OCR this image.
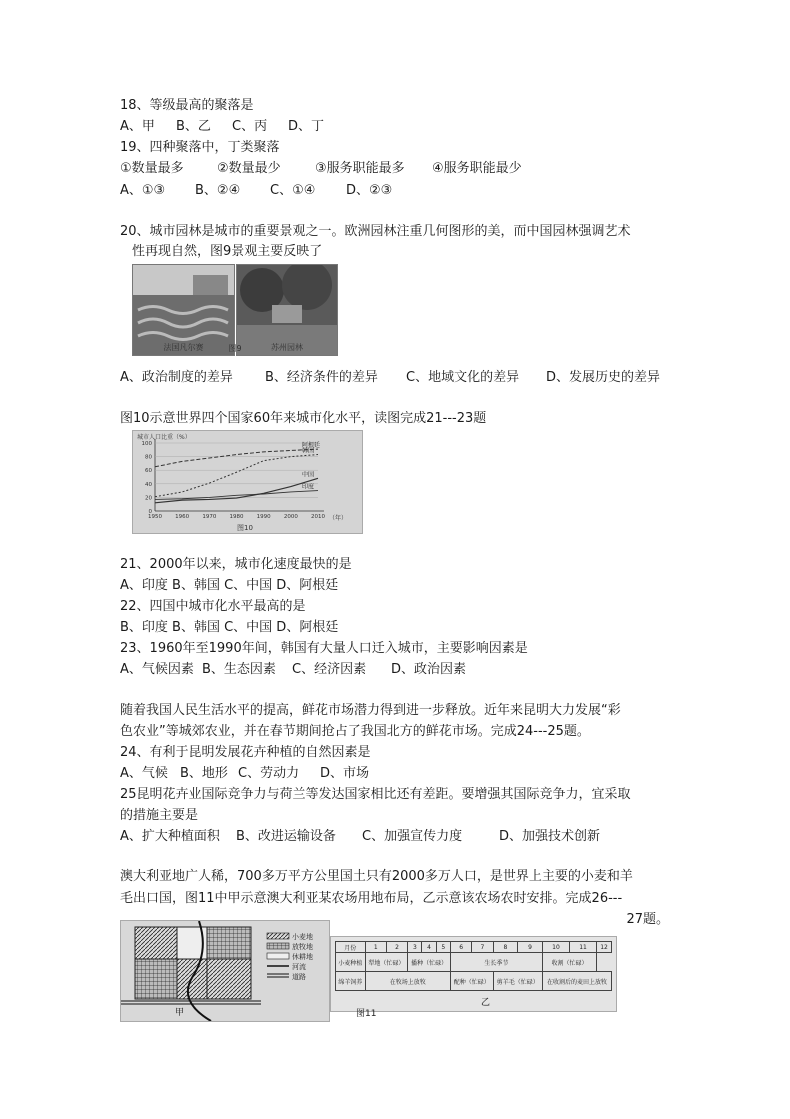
18、等级最高的聚落是
A、甲 B、乙 C、丙 D、丁
19、四种聚落中，丁类聚落
①数量最多	②数量最少	③服务职能最多 ④服务职能最少
A、①③ B、②④ C、①④ D、②③
20、城市园林是城市的重要景观之一。欧洲园林注重几何图形的美，而中国园林强调艺术
性再现自然，图9景观主要反映了
法国凡尔赛	苏州园林
图9
A、政治制度的差异 B、经济条件的差异 C、地域文化的差异 D、发展历史的差异
图10示意世界四个国家60年来城市化水平，读图完成21---23题
城市人口比重（%）
（年）
图10
0
20
40
60
80
100
1950 1960 1970 1980 1990 2000 2010
阿根廷
韩国
中国
印度
21、2000年以来，城市化速度最快的是
A、印度 B、韩国 C、中国 D、阿根廷
22、四国中城市化水平最高的是
B、印度 B、韩国 C、中国 D、阿根廷
23、1960年至1990年间，韩国有大量人口迁入城市，主要影响因素是
A、气候因素 B、生态因素 C、经济因素 D、政治因素
随着我国人民生活水平的提高，鲜花市场潜力得到进一步释放。近年来昆明大力发展“彩
色农业”等城郊农业，并在春节期间抢占了我国北方的鲜花市场。完成24---25题。
24、有利于昆明发展花卉种植的自然因素是
A、气候 B、地形 C、劳动力 D、市场
25昆明花卉业国际竞争力与荷兰等发达国家相比还有差距。要增强其国际竞争力，宜采取
的措施主要是
A、扩大种植面积 B、改进运输设备 C、加强宣传力度	D、加强技术创新
澳大利亚地广人稀，700多万平方公里国土只有2000多万人口，是世界上主要的小麦和羊
毛出口国，图11中甲示意澳大利亚某农场用地布局，乙示意该农场农时安排。完成26---
27题。
小麦地
放牧地
休耕地
河流
道路
甲
月份	1	2	3	4	5	6	7	8	9	10	11	12
小麦种植	犁地（忙碌）		播种（忙碌）			生长季节				收割（忙碌）		
绵羊饲养	在牧场上放牧					配种（忙碌）		剪羊毛（忙碌）		在收割后的麦田上放牧		
乙
图11
